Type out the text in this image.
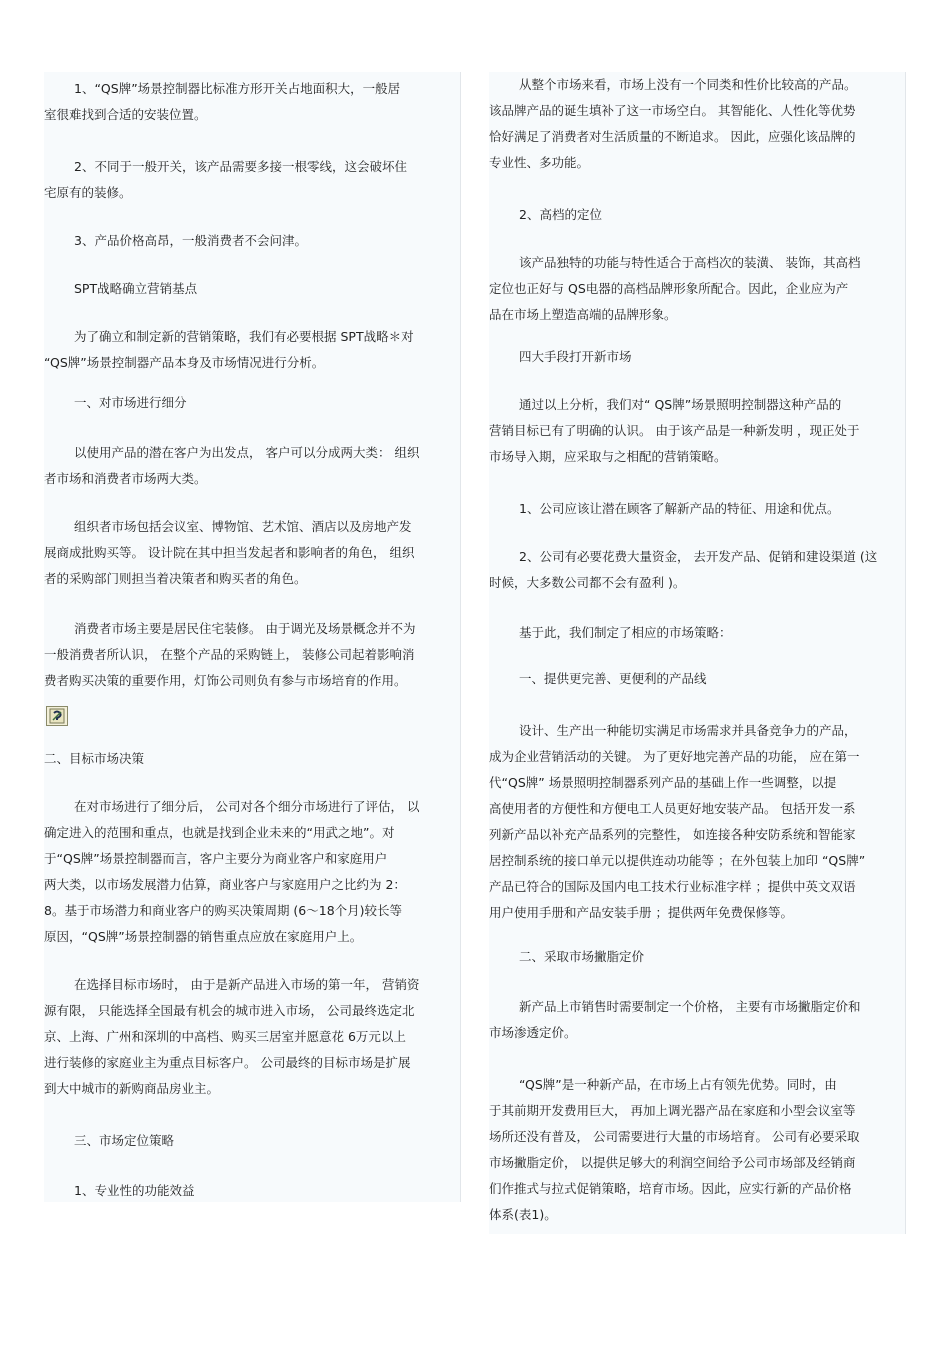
1、“QS牌”场景控制器比标准方形开关占地面积大，一般居
室很难找到合适的安装位置。
2、不同于一般开关，该产品需要多接一根零线，这会破坏住
宅原有的装修。
3、产品价格高昂，一般消费者不会问津。
SPT战略确立营销基点
为了确立和制定新的营销策略，我们有必要根据 SPT战略＊对
“QS牌”场景控制器产品本身及市场情况进行分析。
一、对市场进行细分
以使用产品的潜在客户为出发点， 客户可以分成两大类： 组织
者市场和消费者市场两大类。
组织者市场包括会议室、博物馆、艺术馆、酒店以及房地产发
展商成批购买等。 设计院在其中担当发起者和影响者的角色， 组织
者的采购部门则担当着决策者和购买者的角色。
消费者市场主要是居民住宅装修。 由于调光及场景概念并不为
一般消费者所认识， 在整个产品的采购链上， 装修公司起着影响消
费者购买决策的重要作用，灯饰公司则负有参与市场培育的作用。
二、目标市场决策
在对市场进行了细分后， 公司对各个细分市场进行了评估， 以
确定进入的范围和重点，也就是找到企业未来的“用武之地”。对
于“QS牌”场景控制器而言，客户主要分为商业客户和家庭用户
两大类，以市场发展潜力估算，商业客户与家庭用户之比约为 2：
8。基于市场潜力和商业客户的购买决策周期 (6～18个月)较长等
原因，“QS牌”场景控制器的销售重点应放在家庭用户上。
在选择目标市场时， 由于是新产品进入市场的第一年， 营销资
源有限， 只能选择全国最有机会的城市进入市场， 公司最终选定北
京、上海、广州和深圳的中高档、购买三居室并愿意花 6万元以上
进行装修的家庭业主为重点目标客户。 公司最终的目标市场是扩展
到大中城市的新购商品房业主。
三、市场定位策略
1、专业性的功能效益
从整个市场来看，市场上没有一个同类和性价比较高的产品。
该品牌产品的诞生填补了这一市场空白。 其智能化、人性化等优势
恰好满足了消费者对生活质量的不断追求。 因此，应强化该品牌的
专业性、多功能。
2、高档的定位
该产品独特的功能与特性适合于高档次的装潢、 装饰，其高档
定位也正好与 QS电器的高档品牌形象所配合。因此，企业应为产
品在市场上塑造高端的品牌形象。
四大手段打开新市场
通过以上分析，我们对“ QS牌”场景照明控制器这种产品的
营销目标已有了明确的认识。 由于该产品是一种新发明 ，现正处于
市场导入期，应采取与之相配的营销策略。
1、公司应该让潜在顾客了解新产品的特征、用途和优点。
2、公司有必要花费大量资金， 去开发产品、促销和建设渠道 (这
时候，大多数公司都不会有盈利 )。
基于此，我们制定了相应的市场策略：
一、提供更完善、更便利的产品线
设计、生产出一种能切实满足市场需求并具备竞争力的产品，
成为企业营销活动的关键。 为了更好地完善产品的功能， 应在第一
代“QS牌” 场景照明控制器系列产品的基础上作一些调整，以提
高使用者的方便性和方便电工人员更好地安装产品。 包括开发一系
列新产品以补充产品系列的完整性， 如连接各种安防系统和智能家
居控制系统的接口单元以提供连动功能等 ；在外包装上加印 “QS牌”
产品已符合的国际及国内电工技术行业标准字样 ；提供中英文双语
用户使用手册和产品安装手册 ；提供两年免费保修等。
二、采取市场撇脂定价
新产品上市销售时需要制定一个价格， 主要有市场撇脂定价和
市场渗透定价。
“QS牌”是一种新产品，在市场上占有领先优势。同时，由
于其前期开发费用巨大， 再加上调光器产品在家庭和小型会议室等
场所还没有普及， 公司需要进行大量的市场培育。 公司有必要采取
市场撇脂定价， 以提供足够大的利润空间给予公司市场部及经销商
们作推式与拉式促销策略，培育市场。因此，应实行新的产品价格
体系(表1)。
